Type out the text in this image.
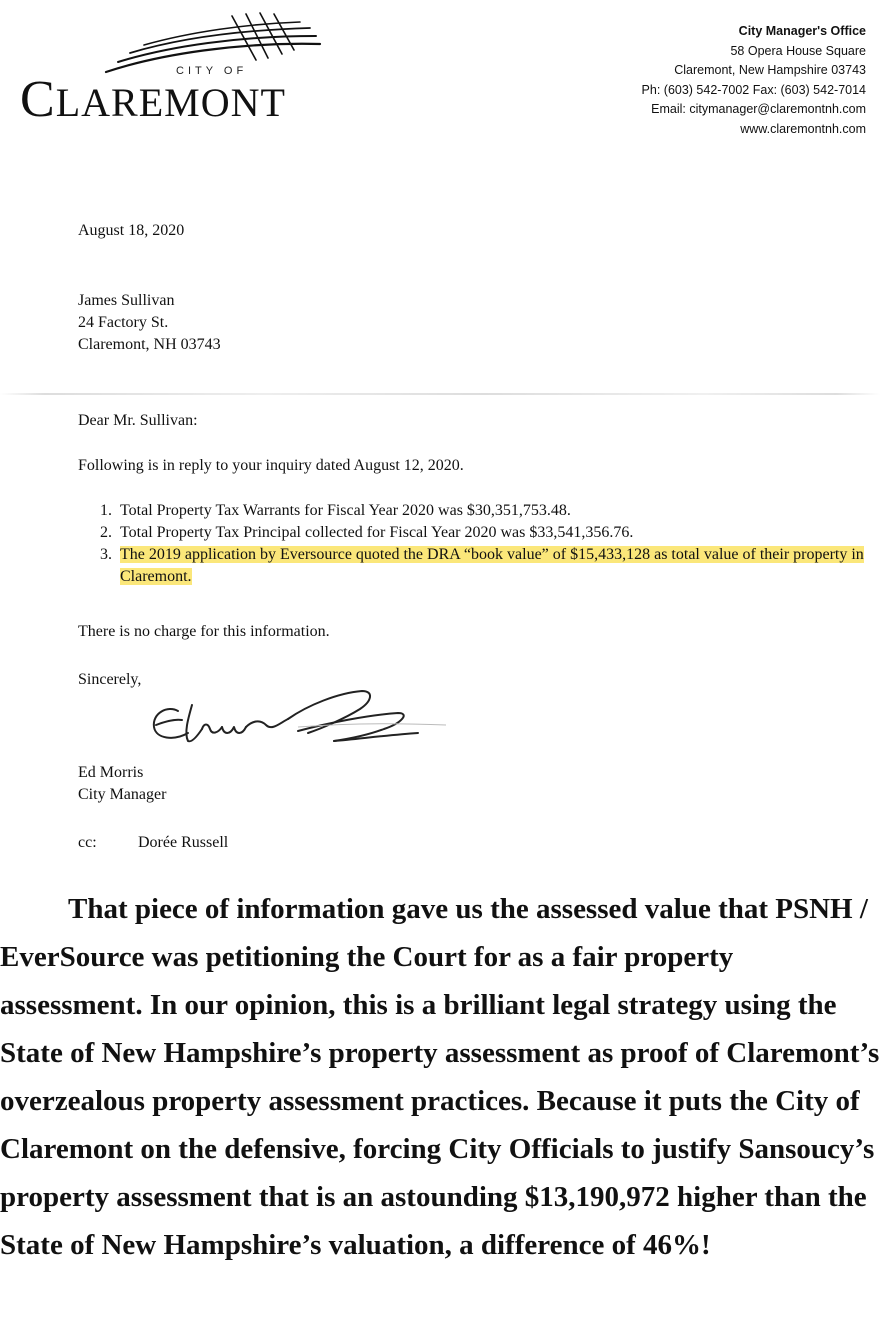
CITY OF
CLAREMONT
City Manager's Office
58 Opera House Square
Claremont, New Hampshire 03743
Ph: (603) 542-7002 Fax: (603) 542-7014
Email: citymanager@claremontnh.com
www.claremontnh.com
August 18, 2020
James Sullivan
24 Factory St.
Claremont, NH 03743
Dear Mr. Sullivan:
Following is in reply to your inquiry dated August 12, 2020.
1. Total Property Tax Warrants for Fiscal Year 2020 was $30,351,753.48.
2. Total Property Tax Principal collected for Fiscal Year 2020 was $33,541,356.76.
3. The 2019 application by Eversource quoted the DRA “book value” of $15,433,128 as total value of their property in Claremont.
There is no charge for this information.
Sincerely,
Ed Morris
City Manager
cc:	Dorée Russell

That piece of information gave us the assessed value that PSNH / EverSource was petitioning the Court for as a fair property assessment. In our opinion, this is a brilliant legal strategy using the State of New Hampshire’s property assessment as proof of Claremont’s overzealous property assessment practices. Because it puts the City of Claremont on the defensive, forcing City Officials to justify Sansoucy’s property assessment that is an astounding $13,190,972 higher than the State of New Hampshire’s valuation, a difference of 46%!
